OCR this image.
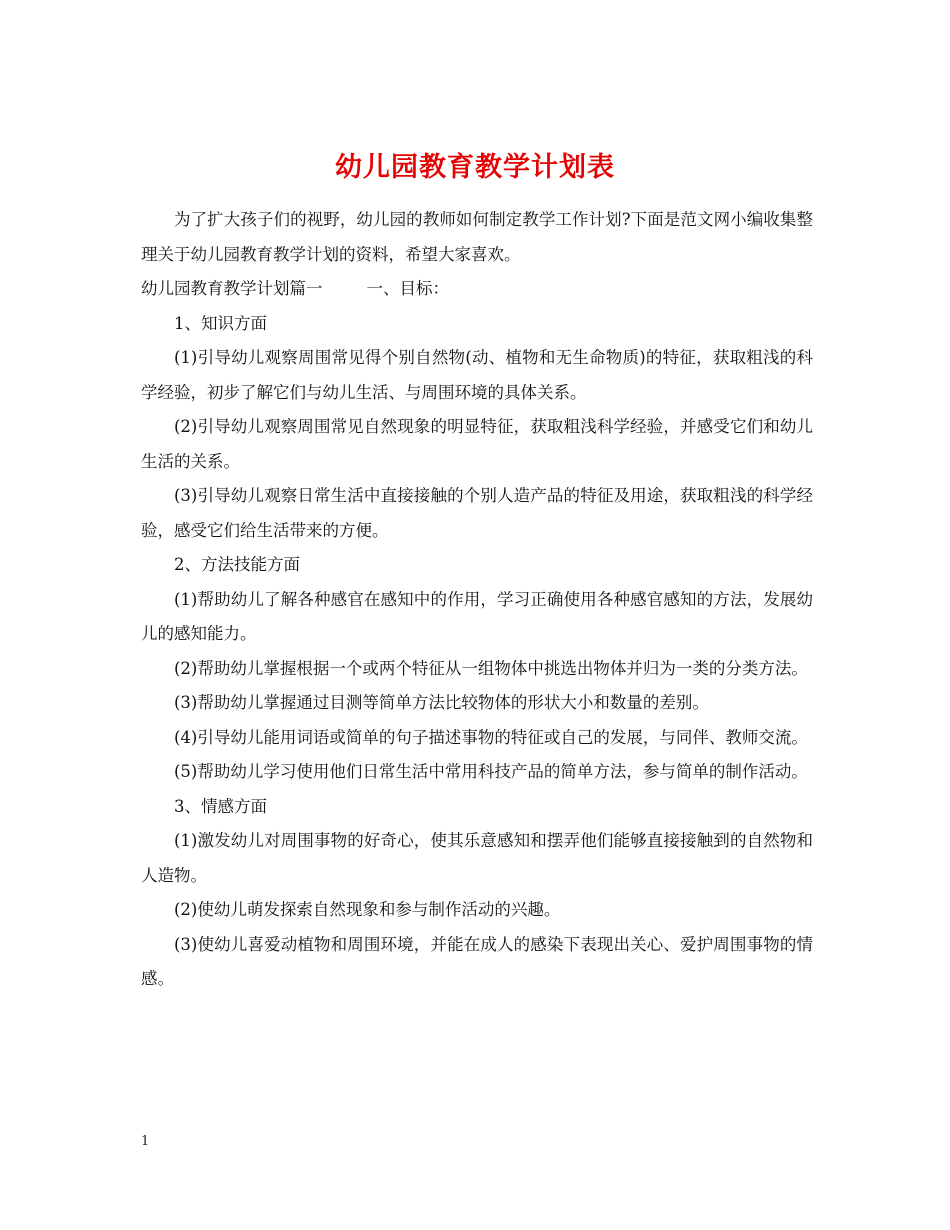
幼儿园教育教学计划表

为了扩大孩子们的视野，幼儿园的教师如何制定教学工作计划?下面是范文网小编收集整理关于幼儿园教育教学计划的资料，希望大家喜欢。

幼儿园教育教学计划篇一	一、目标：

1、知识方面

(1)引导幼儿观察周围常见得个别自然物(动、植物和无生命物质)的特征，获取粗浅的科学经验，初步了解它们与幼儿生活、与周围环境的具体关系。

(2)引导幼儿观察周围常见自然现象的明显特征，获取粗浅科学经验，并感受它们和幼儿生活的关系。

(3)引导幼儿观察日常生活中直接接触的个别人造产品的特征及用途，获取粗浅的科学经验，感受它们给生活带来的方便。

2、方法技能方面

(1)帮助幼儿了解各种感官在感知中的作用，学习正确使用各种感官感知的方法，发展幼儿的感知能力。

(2)帮助幼儿掌握根据一个或两个特征从一组物体中挑选出物体并归为一类的分类方法。

(3)帮助幼儿掌握通过目测等简单方法比较物体的形状大小和数量的差别。

(4)引导幼儿能用词语或简单的句子描述事物的特征或自己的发展，与同伴、教师交流。

(5)帮助幼儿学习使用他们日常生活中常用科技产品的简单方法，参与简单的制作活动。

3、情感方面

(1)激发幼儿对周围事物的好奇心，使其乐意感知和摆弄他们能够直接接触到的自然物和人造物。

(2)使幼儿萌发探索自然现象和参与制作活动的兴趣。

(3)使幼儿喜爱动植物和周围环境，并能在成人的感染下表现出关心、爱护周围事物的情感。

1
